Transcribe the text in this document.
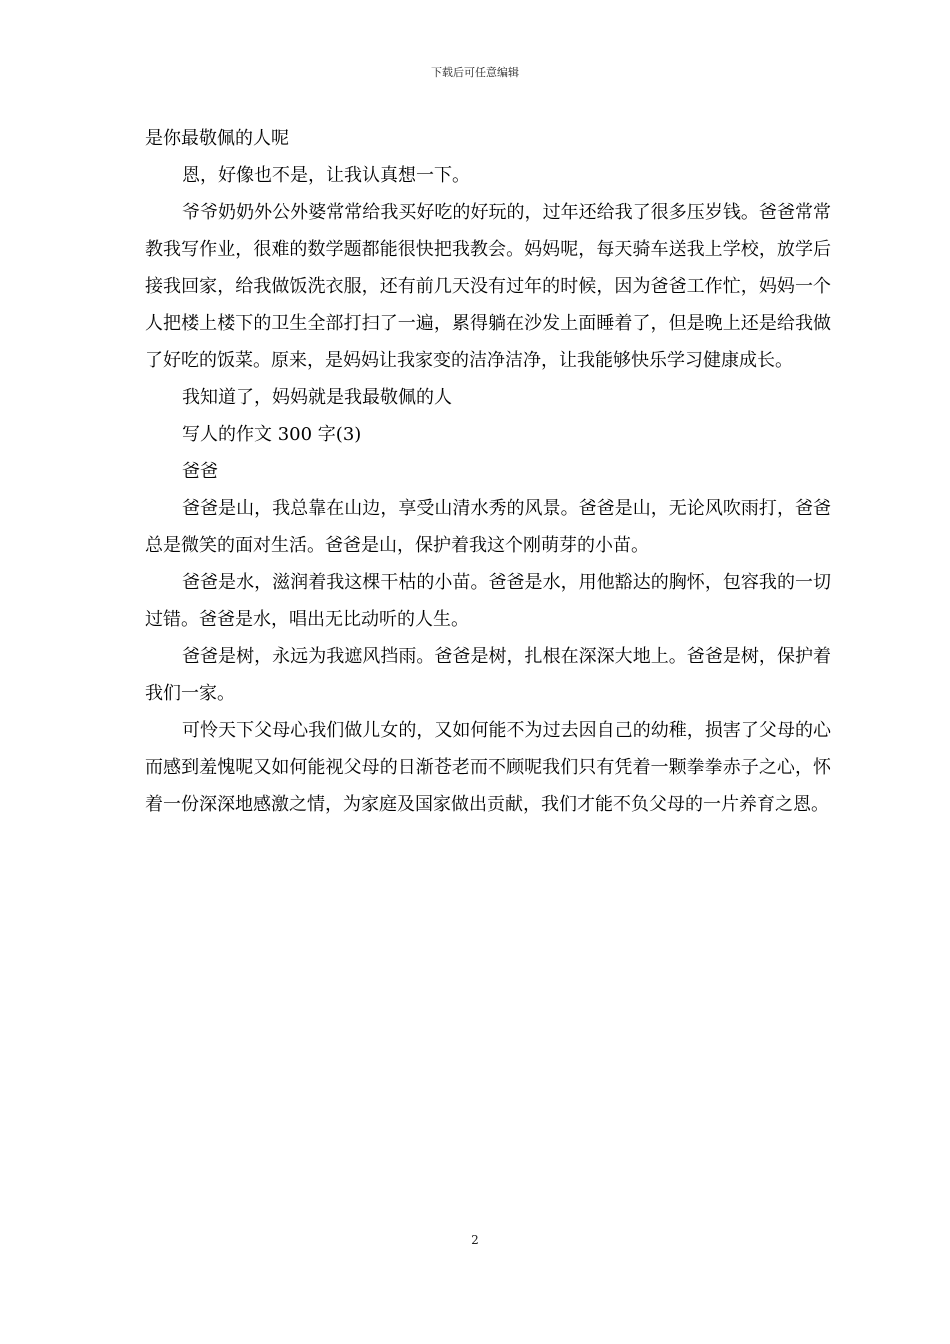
下载后可任意编辑

是你最敬佩的人呢

恩，好像也不是，让我认真想一下。

爷爷奶奶外公外婆常常给我买好吃的好玩的，过年还给我了很多压岁钱。爸爸常常教我写作业，很难的数学题都能很快把我教会。妈妈呢，每天骑车送我上学校，放学后接我回家，给我做饭洗衣服，还有前几天没有过年的时候，因为爸爸工作忙，妈妈一个人把楼上楼下的卫生全部打扫了一遍，累得躺在沙发上面睡着了，但是晚上还是给我做了好吃的饭菜。原来，是妈妈让我家变的洁净洁净，让我能够快乐学习健康成长。

我知道了，妈妈就是我最敬佩的人

写人的作文 300 字(3)

爸爸

爸爸是山，我总靠在山边，享受山清水秀的风景。爸爸是山，无论风吹雨打，爸爸总是微笑的面对生活。爸爸是山，保护着我这个刚萌芽的小苗。

爸爸是水，滋润着我这棵干枯的小苗。爸爸是水，用他豁达的胸怀，包容我的一切过错。爸爸是水，唱出无比动听的人生。

爸爸是树，永远为我遮风挡雨。爸爸是树，扎根在深深大地上。爸爸是树，保护着我们一家。

可怜天下父母心我们做儿女的，又如何能不为过去因自己的幼稚，损害了父母的心而感到羞愧呢又如何能视父母的日渐苍老而不顾呢我们只有凭着一颗拳拳赤子之心，怀着一份深深地感激之情，为家庭及国家做出贡献，我们才能不负父母的一片养育之恩。

2
